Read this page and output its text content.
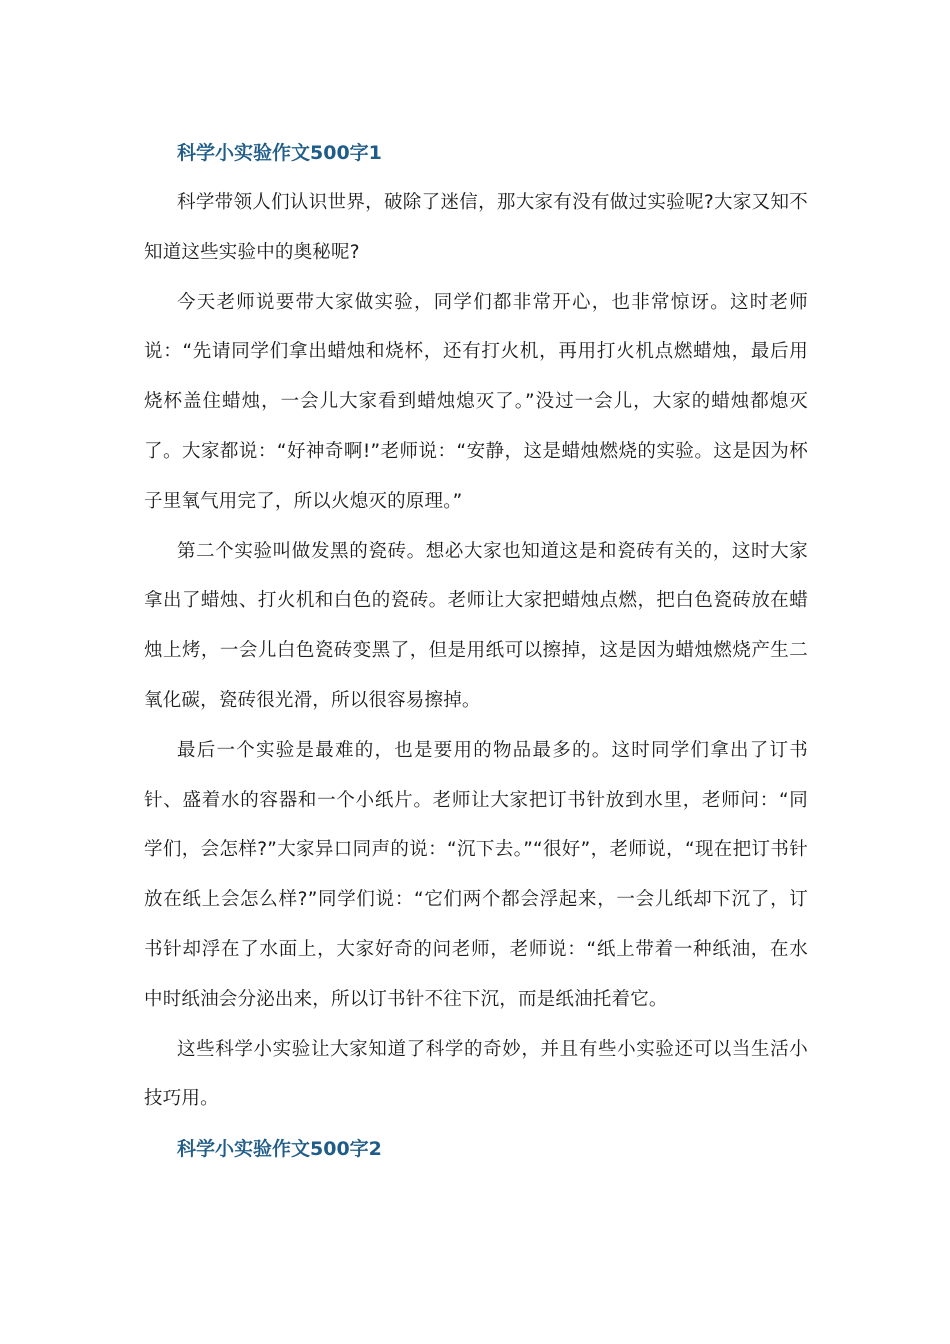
科学小实验作文500字1

科学带领人们认识世界，破除了迷信，那大家有没有做过实验呢?大家又知不知道这些实验中的奥秘呢?

今天老师说要带大家做实验，同学们都非常开心，也非常惊讶。这时老师说：“先请同学们拿出蜡烛和烧杯，还有打火机，再用打火机点燃蜡烛，最后用烧杯盖住蜡烛，一会儿大家看到蜡烛熄灭了。”没过一会儿，大家的蜡烛都熄灭了。大家都说：“好神奇啊!”老师说：“安静，这是蜡烛燃烧的实验。这是因为杯子里氧气用完了，所以火熄灭的原理。”

第二个实验叫做发黑的瓷砖。想必大家也知道这是和瓷砖有关的，这时大家拿出了蜡烛、打火机和白色的瓷砖。老师让大家把蜡烛点燃，把白色瓷砖放在蜡烛上烤，一会儿白色瓷砖变黑了，但是用纸可以擦掉，这是因为蜡烛燃烧产生二氧化碳，瓷砖很光滑，所以很容易擦掉。

最后一个实验是最难的，也是要用的物品最多的。这时同学们拿出了订书针、盛着水的容器和一个小纸片。老师让大家把订书针放到水里，老师问：“同学们，会怎样?”大家异口同声的说：“沉下去。”“很好”，老师说，“现在把订书针放在纸上会怎么样?”同学们说：“它们两个都会浮起来，一会儿纸却下沉了，订书针却浮在了水面上，大家好奇的问老师，老师说：“纸上带着一种纸油，在水中时纸油会分泌出来，所以订书针不往下沉，而是纸油托着它。

这些科学小实验让大家知道了科学的奇妙，并且有些小实验还可以当生活小技巧用。

科学小实验作文500字2
